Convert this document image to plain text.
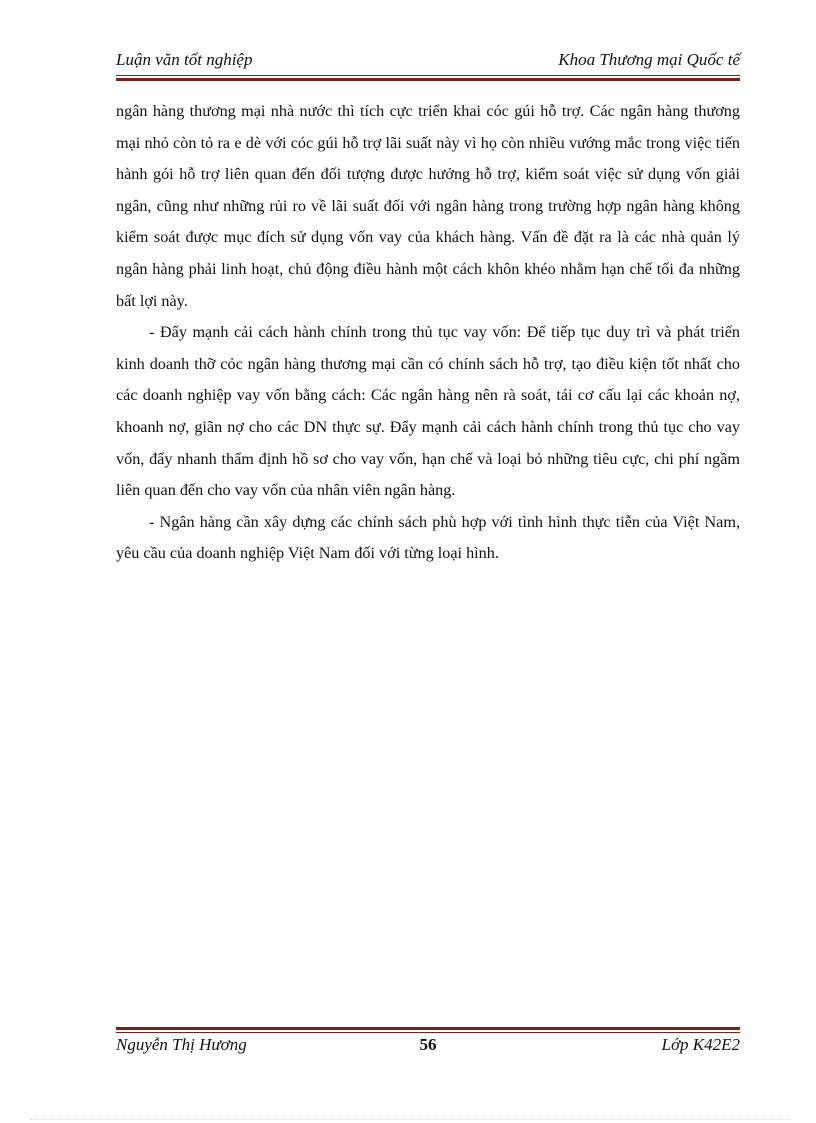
Luận văn tốt nghiệp	Khoa Thương mại Quốc tế

ngân hàng thương mại nhà nước thì tích cực triển khai cóc gúi hỗ trợ. Các ngân hàng thương mại nhỏ còn tỏ ra e dè với cóc gúi hỗ trợ lãi suất này vì họ còn nhiều vướng mắc trong việc tiến hành gói hỗ trợ liên quan đến đối tượng được hưởng hỗ trợ, kiểm soát việc sử dụng vốn giải ngân, cũng như những rủi ro về lãi suất đối với ngân hàng trong trường hợp ngân hàng không kiểm soát được mục đích sử dụng vốn vay của khách hàng. Vấn đề đặt ra là các nhà quản lý ngân hàng phải linh hoạt, chủ động điều hành một cách khôn khéo nhằm hạn chế tối đa những bất lợi này.

- Đẩy mạnh cải cách hành chính trong thủ tục vay vốn: Để tiếp tục duy trì và phát triển kinh doanh thỡ cỏc ngân hàng thương mại cần có chính sách hỗ trợ, tạo điều kiện tốt nhất cho các doanh nghiệp vay vốn bằng cách: Các ngân hàng nên rà soát, tái cơ cấu lại các khoản nợ, khoanh nợ, giãn nợ cho các DN thực sự. Đẩy mạnh cải cách hành chính trong thủ tục cho vay vốn, đẩy nhanh thẩm định hồ sơ cho vay vốn, hạn chế và loại bỏ những tiêu cực, chi phí ngầm liên quan đến cho vay vốn của nhân viên ngân hàng.

- Ngân hàng cần xây dựng các chính sách phù hợp với tình hình thực tiễn của Việt Nam, yêu cầu của doanh nghiệp Việt Nam đối với từng loại hình.

Nguyễn Thị Hương	56	Lớp K42E2
